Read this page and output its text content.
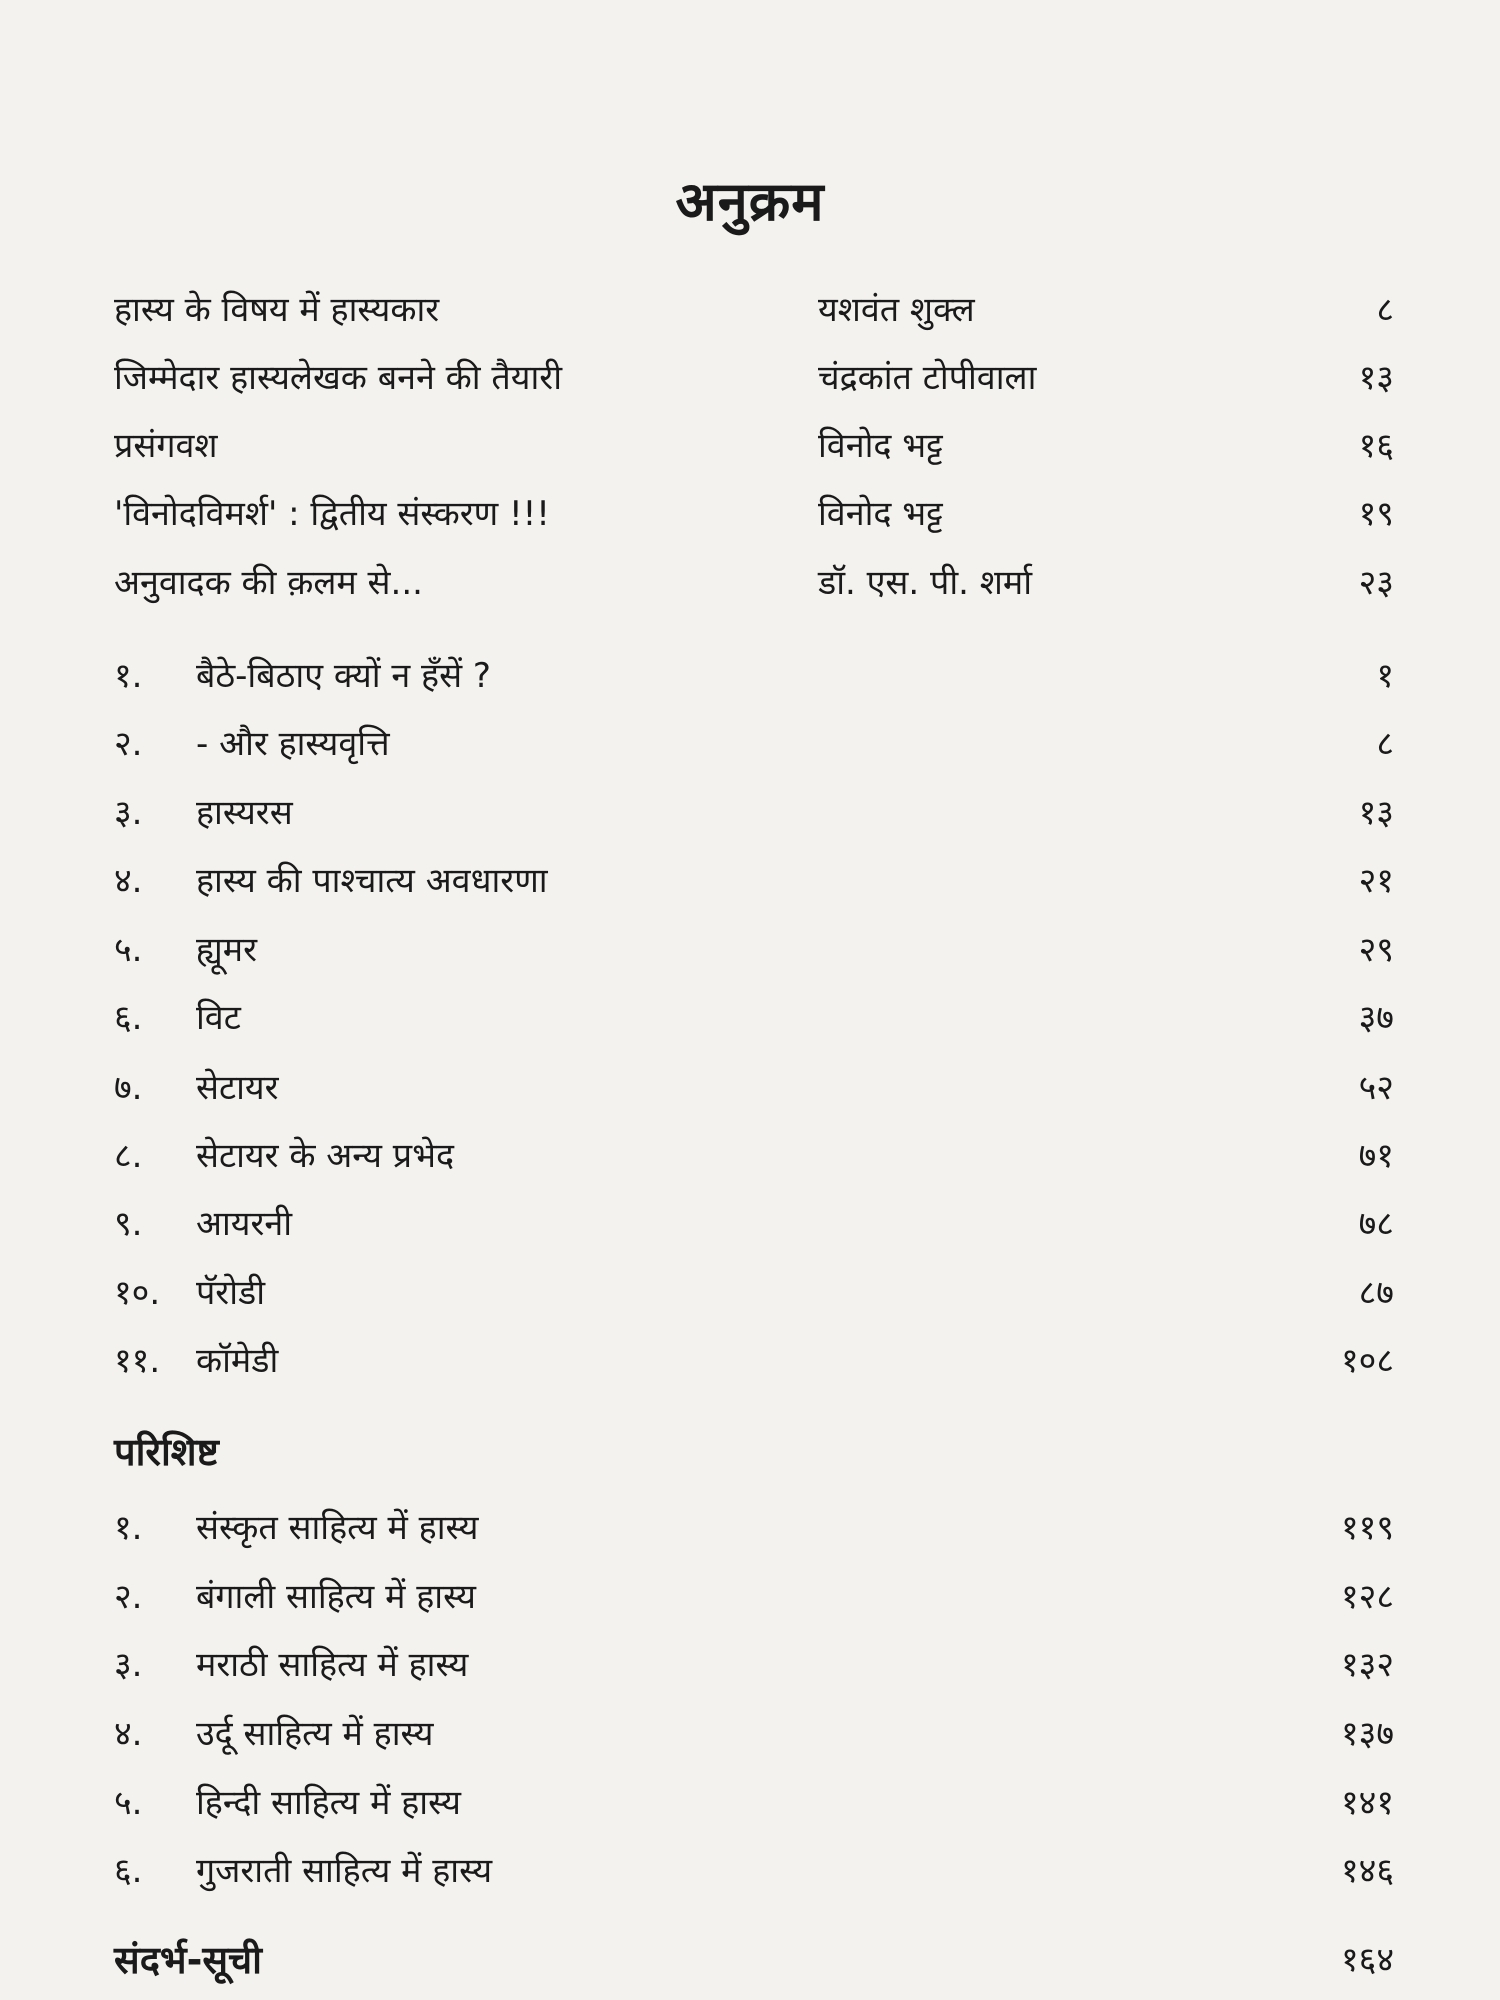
अनुक्रम
हास्य के विषय में हास्यकार	यशवंत शुक्ल	८
जिम्मेदार हास्यलेखक बनने की तैयारी	चंद्रकांत टोपीवाला	१३
प्रसंगवश	विनोद भट्ट	१६
'विनोदविमर्श' : द्वितीय संस्करण !!!	विनोद भट्ट	१९
अनुवादक की क़लम से...	डॉ. एस. पी. शर्मा	२३
१. बैठे-बिठाए क्यों न हँसें ?	१
२. - और हास्यवृत्ति	८
३. हास्यरस	१३
४. हास्य की पाश्चात्य अवधारणा	२१
५. ह्यूमर	२९
६. विट	३७
७. सेटायर	५२
८. सेटायर के अन्य प्रभेद	७१
९. आयरनी	७८
१०. पॅरोडी	८७
११. कॉमेडी	१०८
परिशिष्ट
१. संस्कृत साहित्य में हास्य	११९
२. बंगाली साहित्य में हास्य	१२८
३. मराठी साहित्य में हास्य	१३२
४. उर्दू साहित्य में हास्य	१३७
५. हिन्दी साहित्य में हास्य	१४१
६. गुजराती साहित्य में हास्य	१४६
संदर्भ-सूची	१६४
